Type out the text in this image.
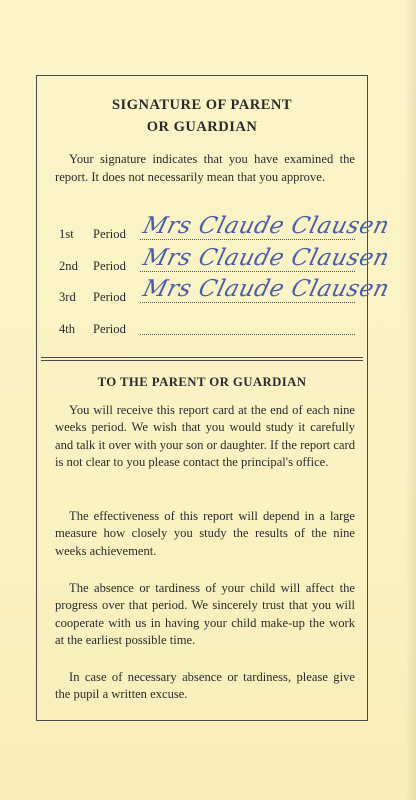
SIGNATURE OF PARENT
OR GUARDIAN
Your signature indicates that you have examined the report. It does not necessarily mean that you approve.
1st Period Mrs Claude Clausen
2nd Period Mrs Claude Clausen
3rd Period Mrs Claude Clausen
4th Period
TO THE PARENT OR GUARDIAN
You will receive this report card at the end of each nine weeks period. We wish that you would study it carefully and talk it over with your son or daughter. If the report card is not clear to you please contact the principal's office.
The effectiveness of this report will depend in a large measure how closely you study the results of the nine weeks achievement.
The absence or tardiness of your child will affect the progress over that period. We sincerely trust that you will cooperate with us in having your child make-up the work at the earliest possible time.
In case of necessary absence or tardiness, please give the pupil a written excuse.
